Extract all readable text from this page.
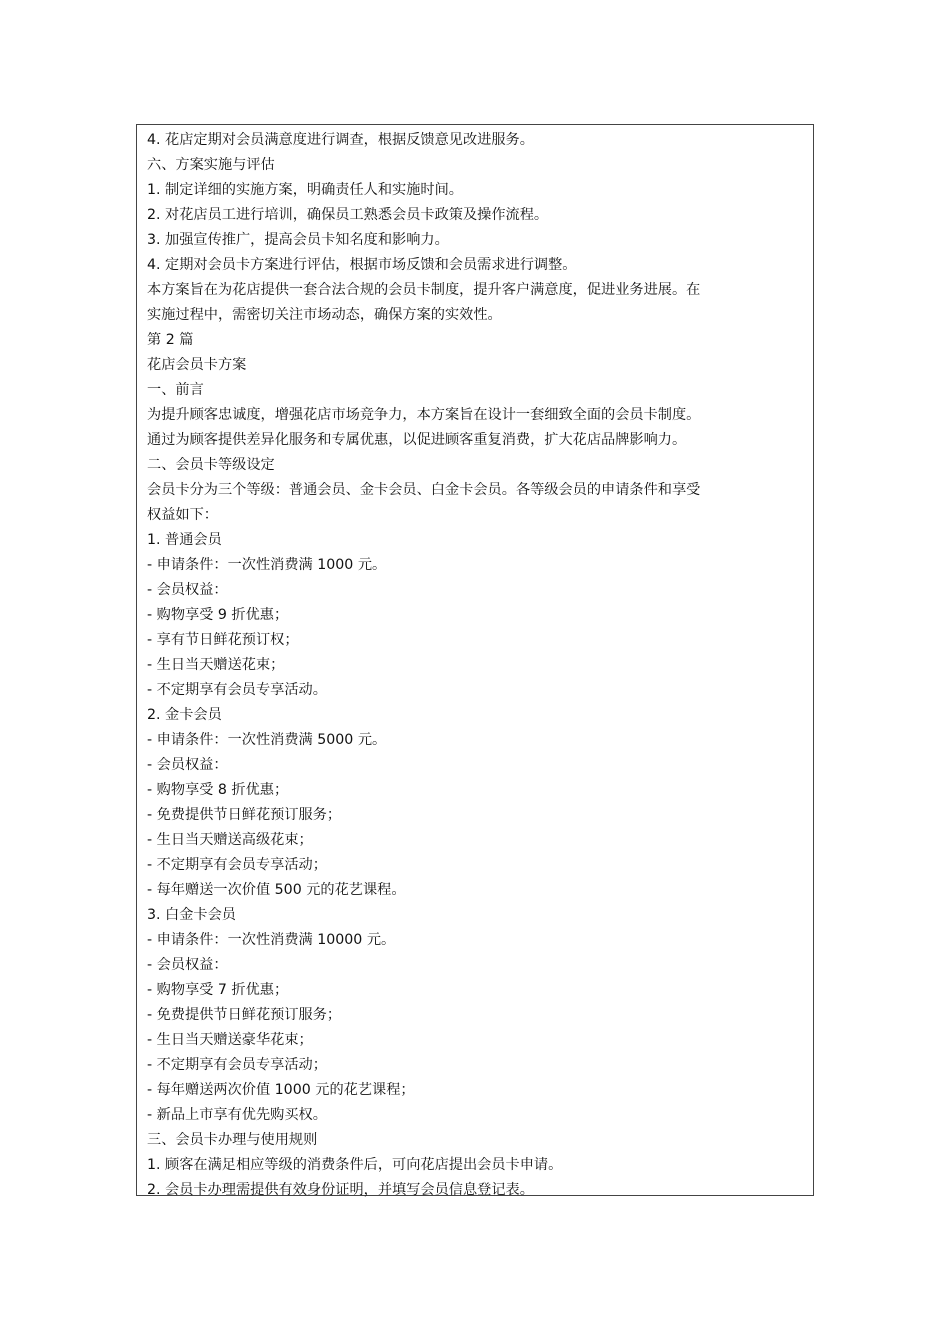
4. 花店定期对会员满意度进行调查，根据反馈意见改进服务。
六、方案实施与评估
1. 制定详细的实施方案，明确责任人和实施时间。
2. 对花店员工进行培训，确保员工熟悉会员卡政策及操作流程。
3. 加强宣传推广，提高会员卡知名度和影响力。
4. 定期对会员卡方案进行评估，根据市场反馈和会员需求进行调整。
本方案旨在为花店提供一套合法合规的会员卡制度，提升客户满意度，促进业务进展。在
实施过程中，需密切关注市场动态，确保方案的实效性。
第 2 篇
花店会员卡方案
一、前言
为提升顾客忠诚度，增强花店市场竞争力，本方案旨在设计一套细致全面的会员卡制度。
通过为顾客提供差异化服务和专属优惠，以促进顾客重复消费，扩大花店品牌影响力。
二、会员卡等级设定
会员卡分为三个等级：普通会员、金卡会员、白金卡会员。各等级会员的申请条件和享受
权益如下：
1. 普通会员
- 申请条件：一次性消费满 1000 元。
- 会员权益：
- 购物享受 9 折优惠；
- 享有节日鲜花预订权；
- 生日当天赠送花束；
- 不定期享有会员专享活动。
2. 金卡会员
- 申请条件：一次性消费满 5000 元。
- 会员权益：
- 购物享受 8 折优惠；
- 免费提供节日鲜花预订服务；
- 生日当天赠送高级花束；
- 不定期享有会员专享活动；
- 每年赠送一次价值 500 元的花艺课程。
3. 白金卡会员
- 申请条件：一次性消费满 10000 元。
- 会员权益：
- 购物享受 7 折优惠；
- 免费提供节日鲜花预订服务；
- 生日当天赠送豪华花束；
- 不定期享有会员专享活动；
- 每年赠送两次价值 1000 元的花艺课程；
- 新品上市享有优先购买权。
三、会员卡办理与使用规则
1. 顾客在满足相应等级的消费条件后，可向花店提出会员卡申请。
2. 会员卡办理需提供有效身份证明，并填写会员信息登记表。
